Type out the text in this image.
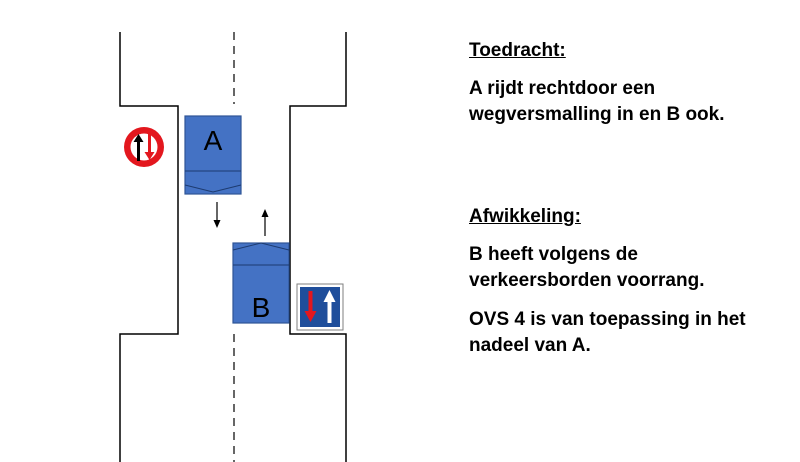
A
B
Toedracht:
A rijdt rechtdoor een wegversmalling in en B ook.
Afwikkeling:
B heeft volgens de verkeersborden voorrang.
OVS 4 is van toepassing in het nadeel van A.
